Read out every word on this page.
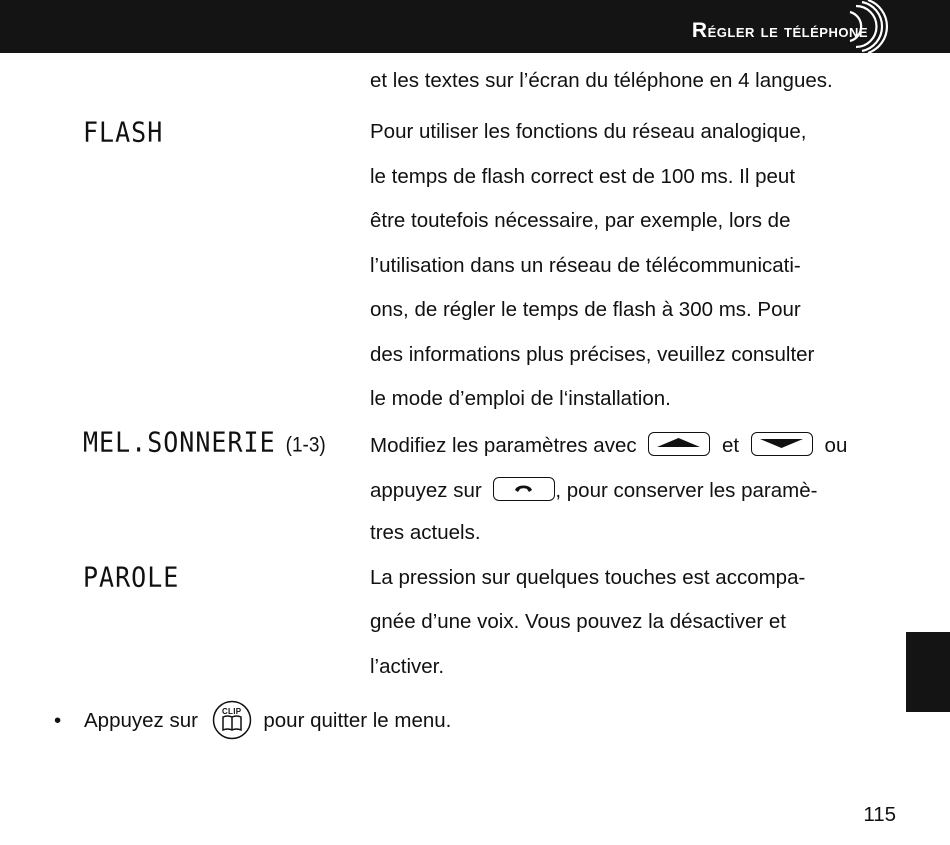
Régler le téléphone
et les textes sur l’écran du téléphone en 4 langues.
FLASH	Pour utiliser les fonctions du réseau analogique,
le temps de flash correct est de 100 ms. Il peut
être toutefois nécessaire, par exemple, lors de
l’utilisation dans un réseau de télécommunicati-
ons, de régler le temps de flash à 300 ms. Pour
des informations plus précises, veuillez consulter
le mode d’emploi de l‘installation.
MEL.SONNERIE (1-3) Modifiez les paramètres avec	et	ou
appuyez sur	, pour conserver les paramè-
tres actuels.
PAROLE	La pression sur quelques touches est accompa-
gnée d’une voix. Vous pouvez la désactiver et
l’activer.
• Appuyez sur	CLIP	pour quitter le menu.
115
